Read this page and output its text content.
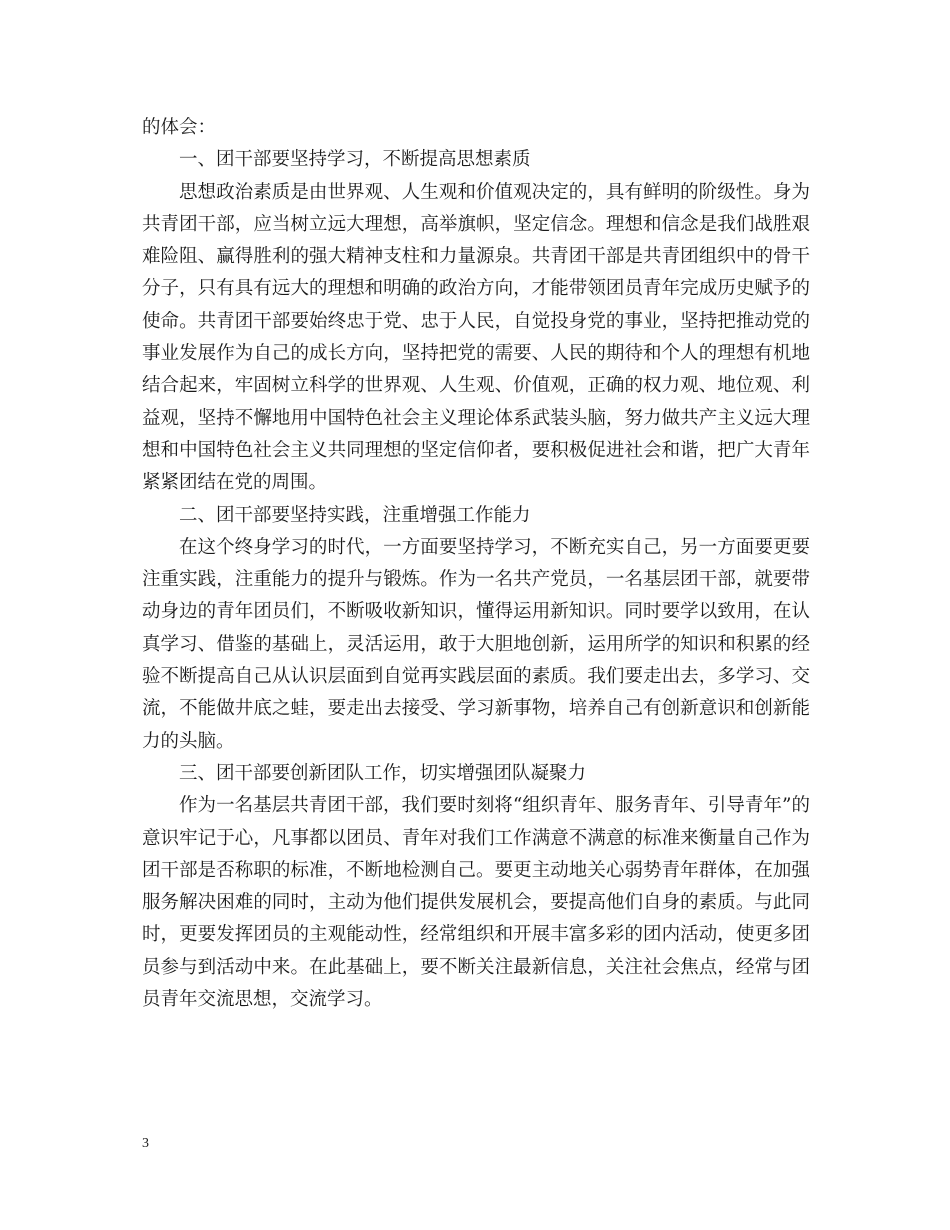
的体会：

一、团干部要坚持学习，不断提高思想素质

思想政治素质是由世界观、人生观和价值观决定的，具有鲜明的阶级性。身为共青团干部，应当树立远大理想，高举旗帜，坚定信念。理想和信念是我们战胜艰难险阻、赢得胜利的强大精神支柱和力量源泉。共青团干部是共青团组织中的骨干分子，只有具有远大的理想和明确的政治方向，才能带领团员青年完成历史赋予的使命。共青团干部要始终忠于党、忠于人民，自觉投身党的事业，坚持把推动党的事业发展作为自己的成长方向，坚持把党的需要、人民的期待和个人的理想有机地结合起来，牢固树立科学的世界观、人生观、价值观，正确的权力观、地位观、利益观，坚持不懈地用中国特色社会主义理论体系武装头脑，努力做共产主义远大理想和中国特色社会主义共同理想的坚定信仰者，要积极促进社会和谐，把广大青年紧紧团结在党的周围。

二、团干部要坚持实践，注重增强工作能力

在这个终身学习的时代，一方面要坚持学习，不断充实自己，另一方面要更要注重实践，注重能力的提升与锻炼。作为一名共产党员，一名基层团干部，就要带动身边的青年团员们，不断吸收新知识，懂得运用新知识。同时要学以致用，在认真学习、借鉴的基础上，灵活运用，敢于大胆地创新，运用所学的知识和积累的经验不断提高自己从认识层面到自觉再实践层面的素质。我们要走出去，多学习、交流，不能做井底之蛙，要走出去接受、学习新事物，培养自己有创新意识和创新能力的头脑。

三、团干部要创新团队工作，切实增强团队凝聚力

作为一名基层共青团干部，我们要时刻将“组织青年、服务青年、引导青年”的意识牢记于心，凡事都以团员、青年对我们工作满意不满意的标准来衡量自己作为团干部是否称职的标准，不断地检测自己。要更主动地关心弱势青年群体，在加强服务解决困难的同时，主动为他们提供发展机会，要提高他们自身的素质。与此同时，更要发挥团员的主观能动性，经常组织和开展丰富多彩的团内活动，使更多团员参与到活动中来。在此基础上，要不断关注最新信息，关注社会焦点，经常与团员青年交流思想，交流学习。

3
